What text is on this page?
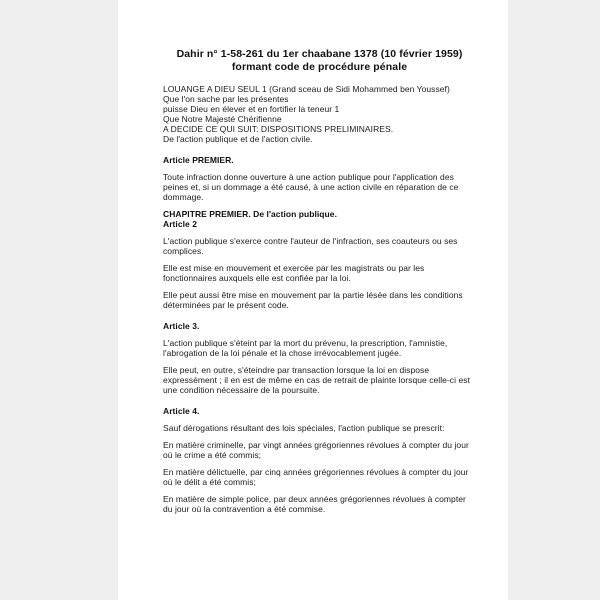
Dahir n° 1-58-261 du 1er chaabane 1378 (10 février 1959)
formant code de procédure pénale
LOUANGE A DIEU SEUL 1 (Grand sceau de Sidi Mohammed ben Youssef)
Que l'on sache par les présentes
puisse Dieu en élever et en fortifier la teneur 1
Que Notre Majesté Chérifienne
A DECIDE CE QUI SUIT: DISPOSITIONS PRELIMINAIRES.
De l'action publique et de l'action civile.
Article PREMIER.
Toute infraction donne ouverture à une action publique pour l'application des peines et, si un dommage a été causé, à une action civile en réparation de ce dommage.
CHAPITRE PREMIER. De l'action publique.
Article 2
L'action publique s'exerce contre l'auteur de l'infraction, ses coauteurs ou ses complices.
Elle est mise en mouvement et exercée par les magistrats ou par les fonctionnaires auxquels elle est confiée par la loi.
Elle peut aussi être mise en mouvement par la partie lésée dans les conditions déterminées par le présent code.
Article 3.
L'action publique s'éteint par la mort du prévenu, la prescription, l'amnistie, l'abrogation de la loi pénale et la chose irrévocablement jugée.
Elle peut, en outre, s'éteindre par transaction lorsque la loi en dispose expressément ; il en est de même en cas de retrait de plainte lorsque celle-ci est une condition nécessaire de la poursuite.
Article 4.
Sauf dérogations résultant des lois spéciales, l'action publique se prescrit:
En matière criminelle, par vingt années grégoriennes révolues à compter du jour où le crime a été commis;
En matière délictuelle, par cinq années grégoriennes révolues à compter du jour où le délit a été commis;
En matière de simple police, par deux années grégoriennes révolues à compter du jour où la contravention a été commise.
